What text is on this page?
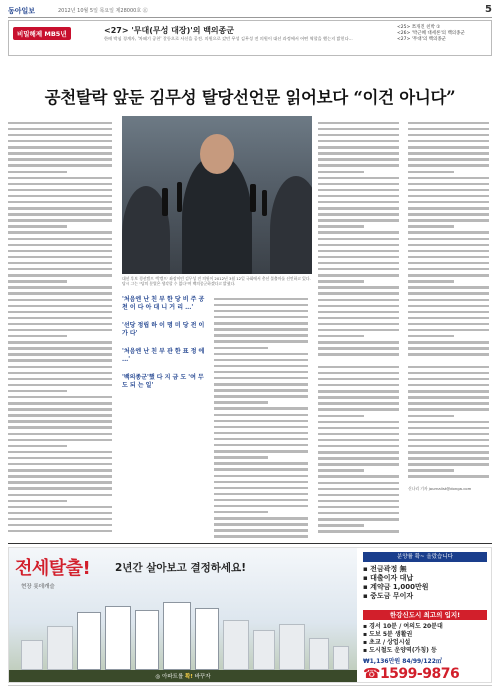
동아일보	2012년 10월 5일 목요일 제28000호 ㊄	5
비밀해제 MB5년	<27> '무대(무성 대장)'의 백의종군
한때 박심 경계자, '차떼기 공천' 갈등으로 사신을 공전. 의원으로 갔던 무성 김무성 전 의원이 대선 과정에서 어떤 역할을 했는지 밝힌다...
<25> 쪼개진 친박 ①
<26> '박근혜 대세론'의 백의종군
<27> '무대'의 백의종군
공천탈락 앞둔 김무성 탈당선언문 읽어보다 “이건 아니다”
대선 후보 경선캠프 '박캠프' 좌장이던 김무성 전 의원이 2012년 3월 12일 국회에서 총선 불출마를 선언하고 있다. 당시 그는 "당의 분열은 생각할 수 없다"며 백의종군하겠다고 밝혔다.
'처음엔 난 친 부 한 당 비 주 공 천 이 다 아 대 니 거 리 ...'
'선당 정립 하 이 명 미 당 전 이 가 다'
'처음엔 난 친 부 관 한 표 정 에 ...'
'백의종군'했 다 지 금 도 '여 무 도 되 는 일'
신나리 기자 journalist@donga.com
전세탈출! 2년간 살아보고 결정하세요!
현장 롯데캐슬
◎ 아파트를 확! 바꾸자
분양률 확~ 올랐습니다
▪ 전금곽정 無
▪ 대출이자 대납
▪ 계약금 1,000만원
▪ 중도금 무이자
한강신도시 최고의 입지!
▪ 경서 10분 / 여의도 20분대
▪ 도보 5분 생활권
▪ 초교 / 상업시설
▪ 도시철도 운양역(가칭) 등
₩1,136만원 84/99/122㎡
☎1599-9876
